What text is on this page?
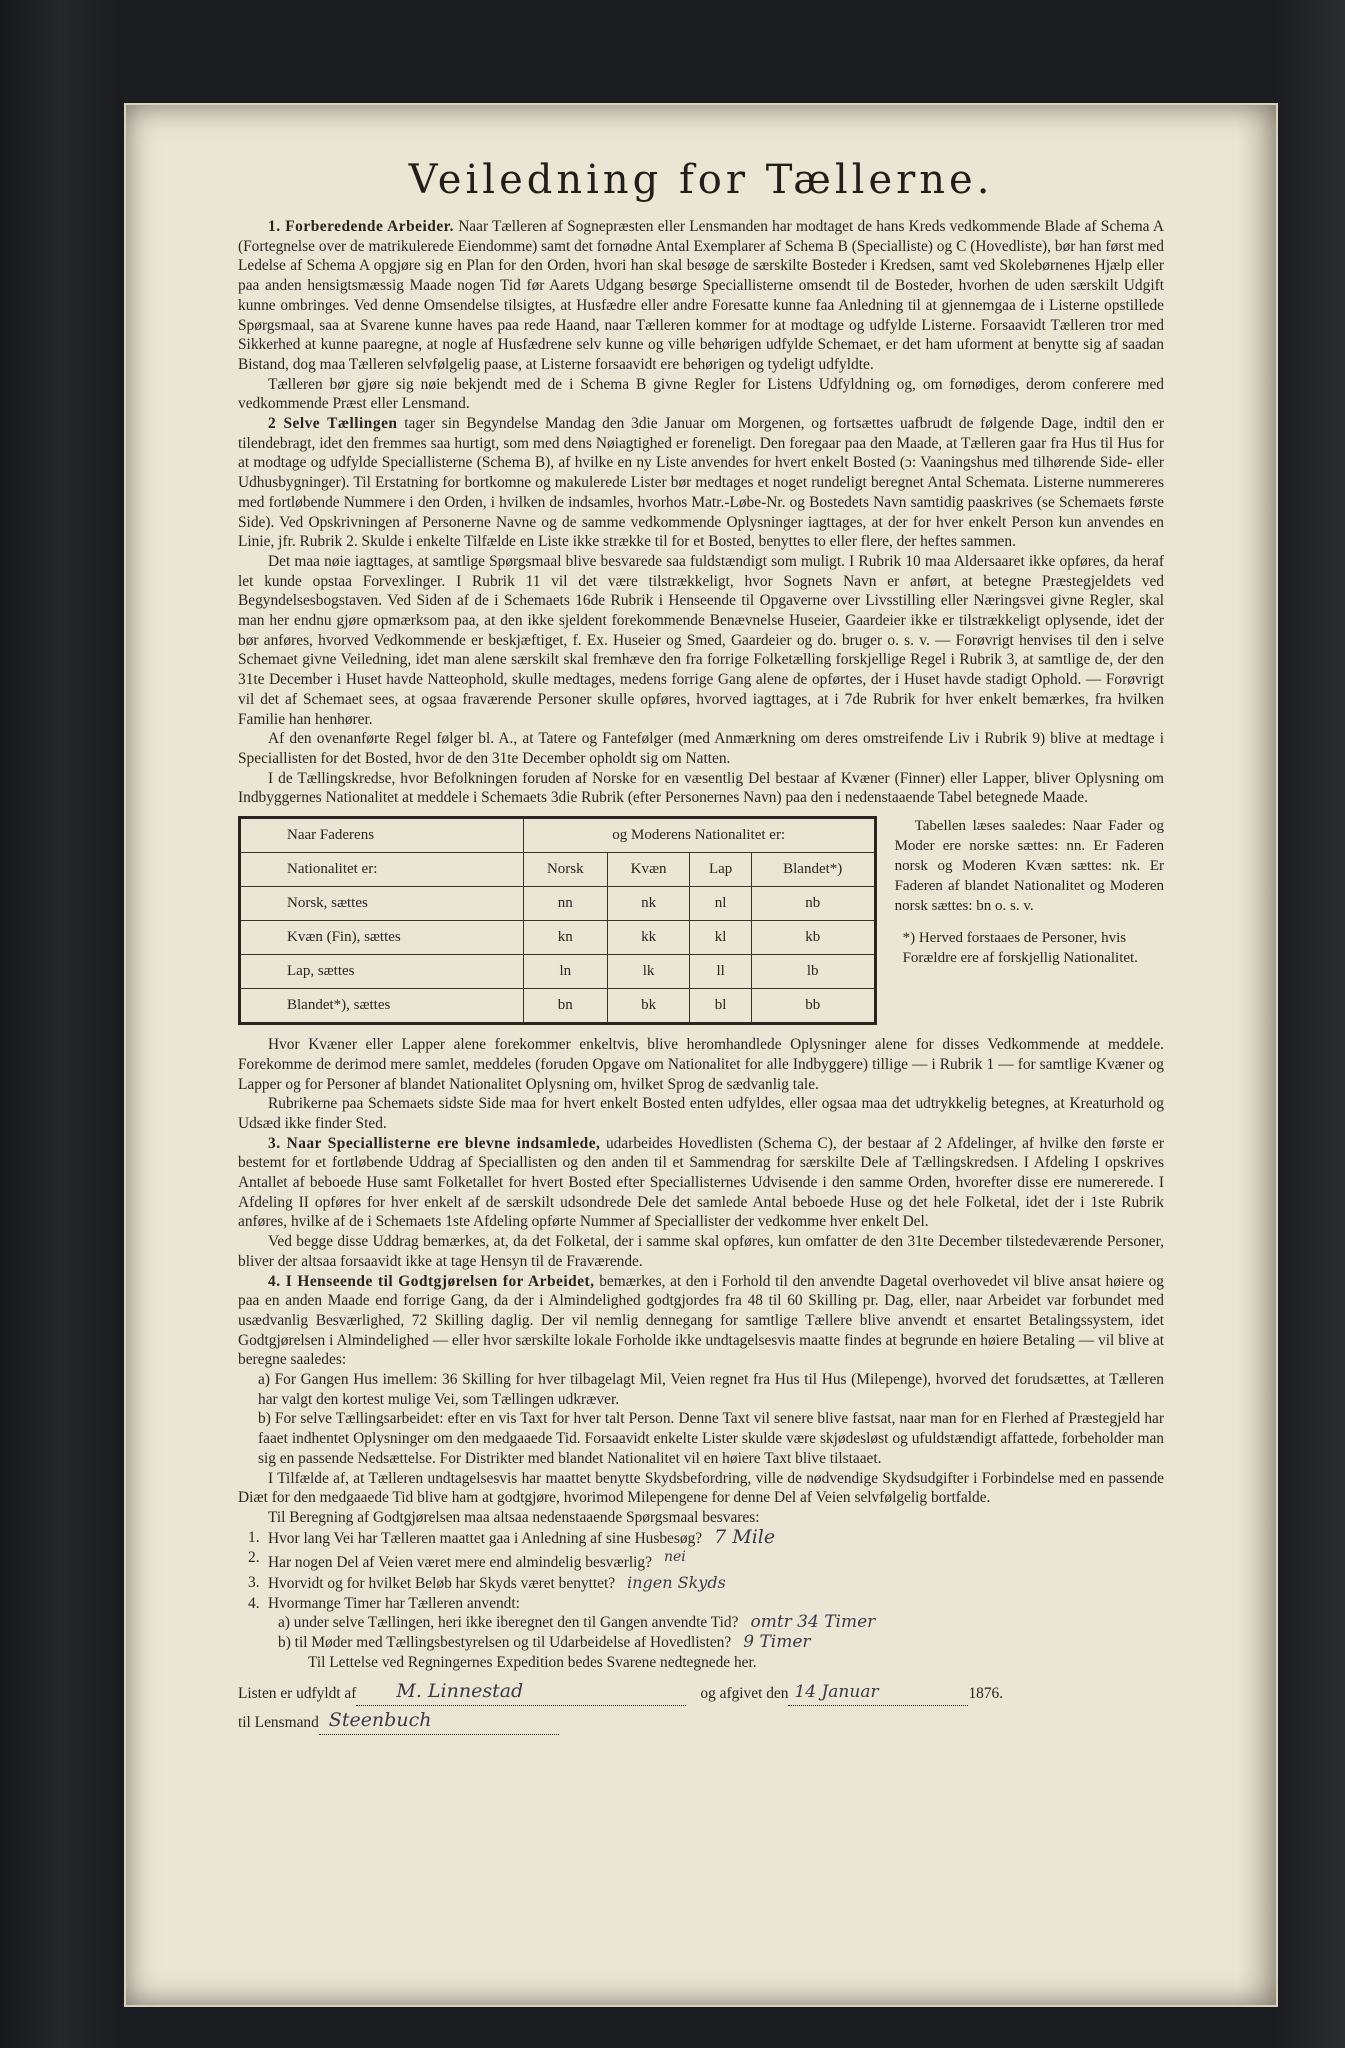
Veiledning for Tællerne.

1. Forberedende Arbeider. Naar Tælleren af Sognepræsten eller Lensmanden har modtaget de hans Kreds vedkommende Blade af Schema A (Fortegnelse over de matrikulerede Eiendomme) samt det fornødne Antal Exemplarer af Schema B (Specialliste) og C (Hovedliste), bør han først med Ledelse af Schema A opgjøre sig en Plan for den Orden, hvori han skal besøge de særskilte Bosteder i Kredsen, samt ved Skolebørnenes Hjælp eller paa anden hensigtsmæssig Maade nogen Tid før Aarets Udgang besørge Speciallisterne omsendt til de Bosteder, hvorhen de uden særskilt Udgift kunne ombringes. Ved denne Omsendelse tilsigtes, at Husfædre eller andre Foresatte kunne faa Anledning til at gjennemgaa de i Listerne opstillede Spørgsmaal, saa at Svarene kunne haves paa rede Haand, naar Tælleren kommer for at modtage og udfylde Listerne. Forsaavidt Tælleren tror med Sikkerhed at kunne paaregne, at nogle af Husfædrene selv kunne og ville behørigen udfylde Schemaet, er det ham uforment at benytte sig af saadan Bistand, dog maa Tælleren selvfølgelig paase, at Listerne forsaavidt ere behørigen og tydeligt udfyldte.

Tælleren bør gjøre sig nøie bekjendt med de i Schema B givne Regler for Listens Udfyldning og, om fornødiges, derom conferere med vedkommende Præst eller Lensmand.

2 Selve Tællingen tager sin Begyndelse Mandag den 3die Januar om Morgenen, og fortsættes uafbrudt de følgende Dage, indtil den er tilendebragt, idet den fremmes saa hurtigt, som med dens Nøiagtighed er foreneligt. Den foregaar paa den Maade, at Tælleren gaar fra Hus til Hus for at modtage og udfylde Speciallisterne (Schema B), af hvilke en ny Liste anvendes for hvert enkelt Bosted (ɔ: Vaaningshus med tilhørende Side- eller Udhusbygninger). Til Erstatning for bortkomne og makulerede Lister bør medtages et noget rundeligt beregnet Antal Schemata. Listerne nummereres med fortløbende Nummere i den Orden, i hvilken de indsamles, hvorhos Matr.-Løbe-Nr. og Bostedets Navn samtidig paaskrives (se Schemaets første Side). Ved Opskrivningen af Personerne Navne og de samme vedkommende Oplysninger iagttages, at der for hver enkelt Person kun anvendes en Linie, jfr. Rubrik 2. Skulde i enkelte Tilfælde en Liste ikke strække til for et Bosted, benyttes to eller flere, der heftes sammen.

Det maa nøie iagttages, at samtlige Spørgsmaal blive besvarede saa fuldstændigt som muligt. I Rubrik 10 maa Aldersaaret ikke opføres, da heraf let kunde opstaa Forvexlinger. I Rubrik 11 vil det være tilstrækkeligt, hvor Sognets Navn er anført, at betegne Præstegjeldets ved Begyndelsesbogstaven. Ved Siden af de i Schemaets 16de Rubrik i Henseende til Opgaverne over Livsstilling eller Næringsvei givne Regler, skal man her endnu gjøre opmærksom paa, at den ikke sjeldent forekommende Benævnelse Huseier, Gaardeier ikke er tilstrækkeligt oplysende, idet der bør anføres, hvorved Vedkommende er beskjæftiget, f. Ex. Huseier og Smed, Gaardeier og do. bruger o. s. v. — Forøvrigt henvises til den i selve Schemaet givne Veiledning, idet man alene særskilt skal fremhæve den fra forrige Folketælling forskjellige Regel i Rubrik 3, at samtlige de, der den 31te December i Huset havde Natteophold, skulle medtages, medens forrige Gang alene de opførtes, der i Huset havde stadigt Ophold. — Forøvrigt vil det af Schemaet sees, at ogsaa fraværende Personer skulle opføres, hvorved iagttages, at i 7de Rubrik for hver enkelt bemærkes, fra hvilken Familie han henhører.

Af den ovenanførte Regel følger bl. A., at Tatere og Fantefølger (med Anmærkning om deres omstreifende Liv i Rubrik 9) blive at medtage i Speciallisten for det Bosted, hvor de den 31te December opholdt sig om Natten.

I de Tællingskredse, hvor Befolkningen foruden af Norske for en væsentlig Del bestaar af Kvæner (Finner) eller Lapper, bliver Oplysning om Indbyggernes Nationalitet at meddele i Schemaets 3die Rubrik (efter Personernes Navn) paa den i nedenstaaende Tabel betegnede Maade.

Naar Faderens	og Moderens Nationalitet er:			
Nationalitet er:	Norsk	Kvæn	Lap	Blandet*)
Norsk, sættes	nn	nk	nl	nb
Kvæn (Fin), sættes	kn	kk	kl	kb
Lap, sættes	ln	lk	ll	lb
Blandet*), sættes	bn	bk	bl	bb
Tabellen læses saaledes: Naar Fader og Moder ere norske sættes: nn. Er Faderen norsk og Moderen Kvæn sættes: nk. Er Faderen af blandet Nationalitet og Moderen norsk sættes: bn o. s. v.
*) Herved forstaaes de Personer, hvis Forældre ere af forskjellig Nationalitet.

Hvor Kvæner eller Lapper alene forekommer enkeltvis, blive heromhandlede Oplysninger alene for disses Vedkommende at meddele. Forekomme de derimod mere samlet, meddeles (foruden Opgave om Nationalitet for alle Indbyggere) tillige — i Rubrik 1 — for samtlige Kvæner og Lapper og for Personer af blandet Nationalitet Oplysning om, hvilket Sprog de sædvanlig tale.

Rubrikerne paa Schemaets sidste Side maa for hvert enkelt Bosted enten udfyldes, eller ogsaa maa det udtrykkelig betegnes, at Kreaturhold og Udsæd ikke finder Sted.

3. Naar Speciallisterne ere blevne indsamlede, udarbeides Hovedlisten (Schema C), der bestaar af 2 Afdelinger, af hvilke den første er bestemt for et fortløbende Uddrag af Speciallisten og den anden til et Sammendrag for særskilte Dele af Tællingskredsen. I Afdeling I opskrives Antallet af beboede Huse samt Folketallet for hvert Bosted efter Speciallisternes Udvisende i den samme Orden, hvorefter disse ere numererede. I Afdeling II opføres for hver enkelt af de særskilt udsondrede Dele det samlede Antal beboede Huse og det hele Folketal, idet der i 1ste Rubrik anføres, hvilke af de i Schemaets 1ste Afdeling opførte Nummer af Speciallister der vedkomme hver enkelt Del.

Ved begge disse Uddrag bemærkes, at, da det Folketal, der i samme skal opføres, kun omfatter de den 31te December tilstedeværende Personer, bliver der altsaa forsaavidt ikke at tage Hensyn til de Fraværende.

4. I Henseende til Godtgjørelsen for Arbeidet, bemærkes, at den i Forhold til den anvendte Dagetal overhovedet vil blive ansat høiere og paa en anden Maade end forrige Gang, da der i Almindelighed godtgjordes fra 48 til 60 Skilling pr. Dag, eller, naar Arbeidet var forbundet med usædvanlig Besværlighed, 72 Skilling daglig. Der vil nemlig dennegang for samtlige Tællere blive anvendt et ensartet Betalingssystem, idet Godtgjørelsen i Almindelighed — eller hvor særskilte lokale Forholde ikke undtagelsesvis maatte findes at begrunde en høiere Betaling — vil blive at beregne saaledes:

a) For Gangen Hus imellem: 36 Skilling for hver tilbagelagt Mil, Veien regnet fra Hus til Hus (Milepenge), hvorved det forudsættes, at Tælleren har valgt den kortest mulige Vei, som Tællingen udkræver.

b) For selve Tællingsarbeidet: efter en vis Taxt for hver talt Person. Denne Taxt vil senere blive fastsat, naar man for en Flerhed af Præstegjeld har faaet indhentet Oplysninger om den medgaaede Tid. Forsaavidt enkelte Lister skulde være skjødesløst og ufuldstændigt affattede, forbeholder man sig en passende Nedsættelse. For Distrikter med blandet Nationalitet vil en høiere Taxt blive tilstaaet.

I Tilfælde af, at Tælleren undtagelsesvis har maattet benytte Skydsbefordring, ville de nødvendige Skydsudgifter i Forbindelse med en passende Diæt for den medgaaede Tid blive ham at godtgjøre, hvorimod Milepengene for denne Del af Veien selvfølgelig bortfalde.

Til Beregning af Godtgjørelsen maa altsaa nedenstaaende Spørgsmaal besvares:

1. Hvor lang Vei har Tælleren maattet gaa i Anledning af sine Husbesøg? 7 Mile
2. Har nogen Del af Veien været mere end almindelig besværlig? nei
3. Hvorvidt og for hvilket Beløb har Skyds været benyttet? ingen Skyds
4. Hvormange Timer har Tælleren anvendt:
a) under selve Tællingen, heri ikke iberegnet den til Gangen anvendte Tid? omtr 34 Timer
b) til Møder med Tællingsbestyrelsen og til Udarbeidelse af Hovedlisten? 9 Timer

Til Lettelse ved Regningernes Expedition bedes Svarene nedtegnede her.

Listen er udfyldt af	M. Linnestad	og afgivet den 14 Januar	1876.
til Lensmand Steenbuch
